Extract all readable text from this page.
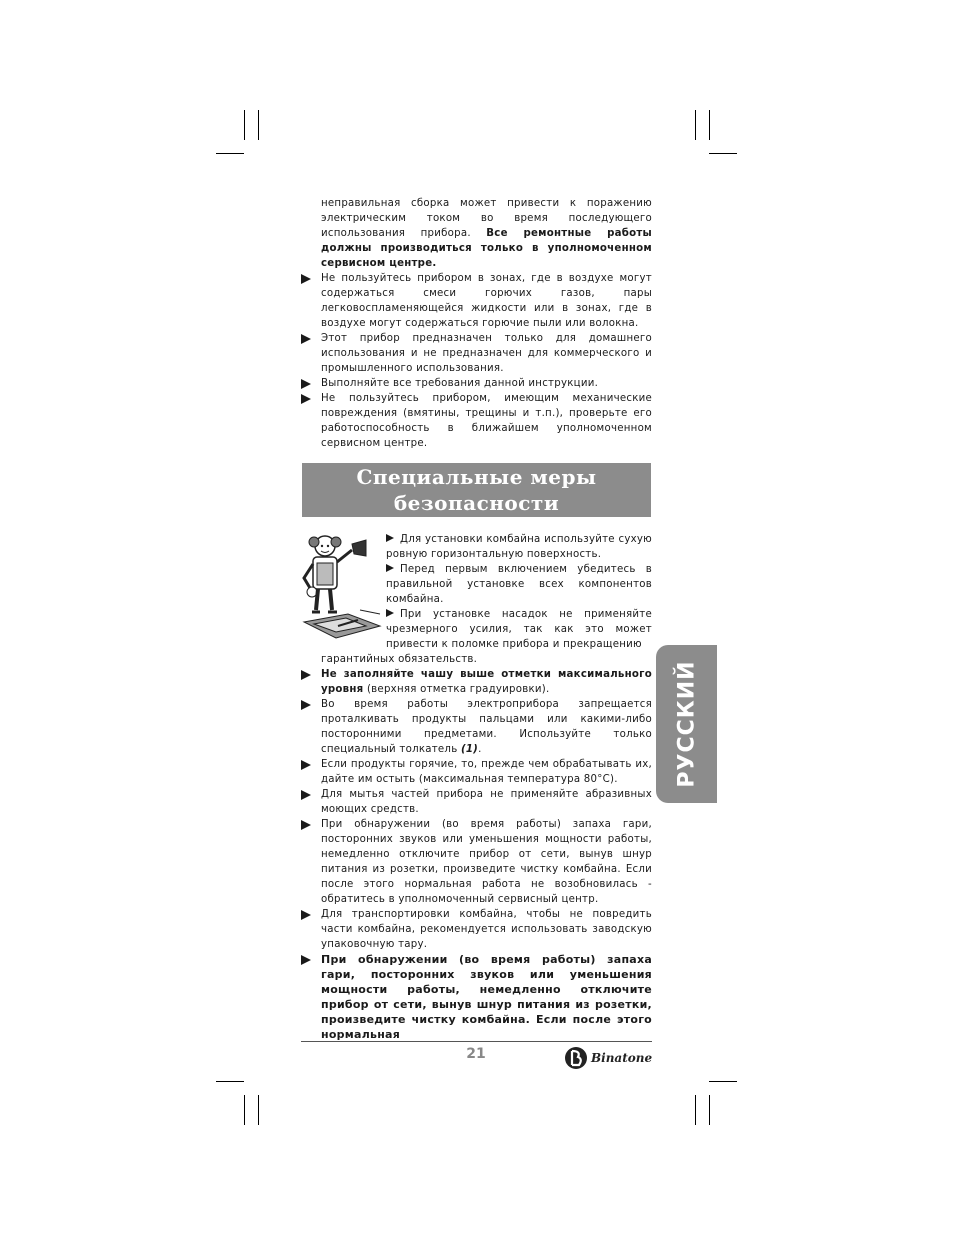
неправильная сборка может привести к поражению электрическим током во время последующего использования прибора. Все ремонтные работы должны производиться только в уполномоченном сервисном центре.

Не пользуйтесь прибором в зонах, где в воздухе могут содержаться смеси горючих газов, пары легковоспламеняющейся жидкости или в зонах, где в воздухе могут содержаться горючие пыли или волокна.
Этот прибор предназначен только для домашнего использования и не предназначен для коммерческого и промышленного использования.
Выполняйте все требования данной инструкции.
Не пользуйтесь прибором, имеющим механические повреждения (вмятины, трещины и т.п.), проверьте его работоспособность в ближайшем уполномоченном сервисном центре.
Специальные меры
безопасности

Для установки комбайна используйте сухую ровную горизонтальную поверхность.

Перед первым включением убедитесь в правильной установке всех компонентов комбайна.

При установке насадок не применяйте чрезмерного усилия, так как это может привести к поломке прибора и прекращению

гарантийных обязательств.

Не заполняйте чашу выше отметки максимального уровня (верхняя отметка градуировки).
Во время работы электроприбора запрещается проталкивать продукты пальцами или какими-либо посторонними предметами. Используйте только специальный толкатель (1).
Если продукты горячие, то, прежде чем обрабатывать их, дайте им остыть (максимальная температура 80°С).
Для мытья частей прибора не применяйте абразивных моющих средств.
При обнаружении (во время работы) запаха гари, посторонних звуков или уменьшения мощности работы, немедленно отключите прибор от сети, вынув шнур питания из розетки, произведите чистку комбайна. Если после этого нормальная работа не возобновилась - обратитесь в уполномоченный сервисный центр.
Для транспортировки комбайна, чтобы не повредить части комбайна, рекомендуется использовать заводскую упаковочную тару.
При обнаружении (во время работы) запаха гари, посторонних звуков или уменьшения мощности работы, немедленно отключите прибор от сети, вынув шнур питания из розетки, произведите чистку комбайна. Если после этого нормальная
РУССКИЙ
21	Binatone
